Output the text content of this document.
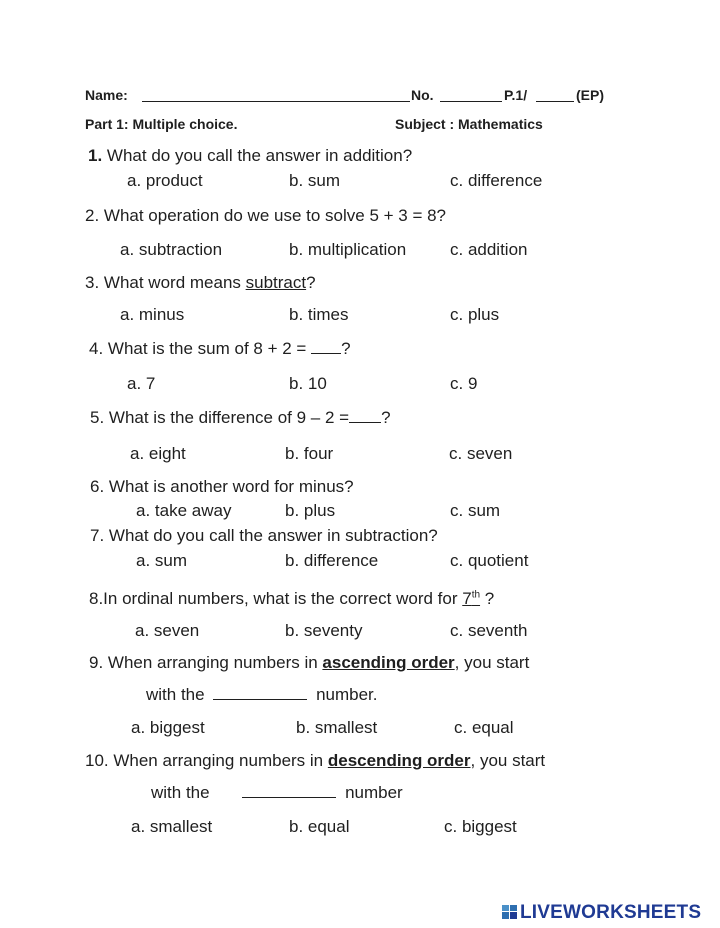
Name:	No.	P.1/	(EP)
Part 1: Multiple choice.	Subject : Mathematics
1. What do you call the answer in addition?
a. product	b. sum	c. difference
2. What operation do we use to solve 5 + 3 = 8?
a. subtraction	b. multiplication	c. addition
3. What word means subtract?
a. minus	b. times	c. plus
4. What is the sum of 8 + 2 = ?
a. 7	b. 10	c. 9
5. What is the difference of 9 – 2 = ?
a. eight	b. four	c. seven
6. What is another word for minus?
a. take away	b. plus	c. sum
7. What do you call the answer in subtraction?
a. sum	b. difference	c. quotient
8.In ordinal numbers, what is the correct word for 7th ?
a. seven	b. seventy	c. seventh
9. When arranging numbers in ascending order, you start
with the	number.
a. biggest	b. smallest	c. equal
10. When arranging numbers in descending order, you start
with the	number
a. smallest	b. equal	c. biggest
LIVEWORKSHEETS
